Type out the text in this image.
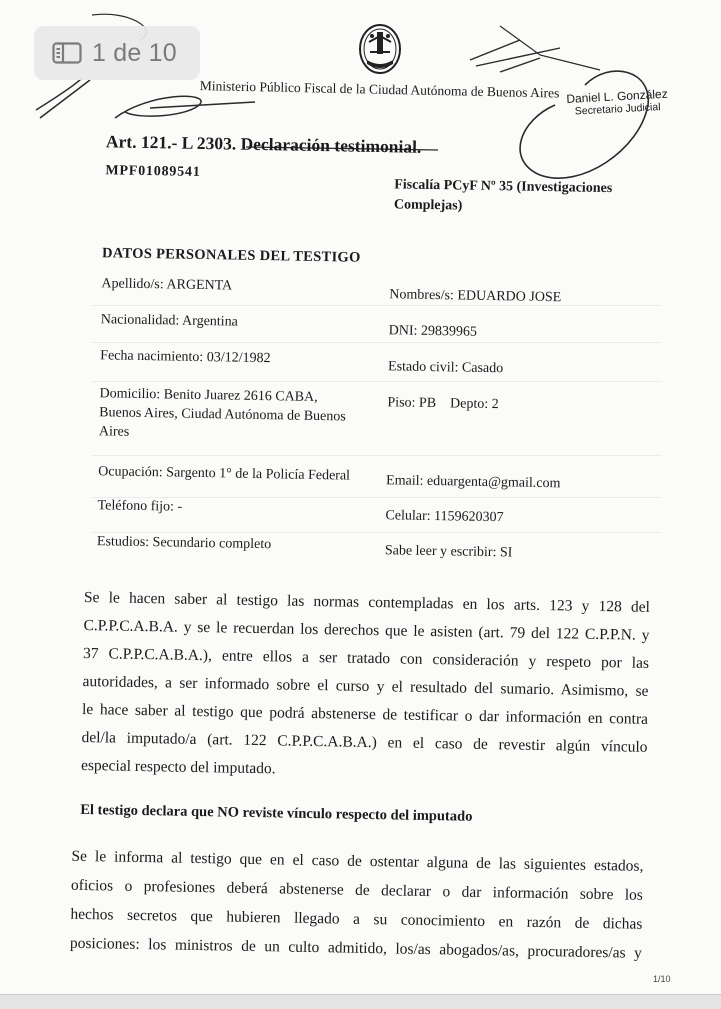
Ministerio Público Fiscal de la Ciudad Autónoma de Buenos Aires Daniel L. González
Secretario Judicial
Art. 121.- L 2303. Declaración testimonial.
MPF01089541
Fiscalía PCyF Nº 35 (Investigaciones Complejas)
DATOS PERSONALES DEL TESTIGO
Apellido/s: ARGENTA
Nacionalidad: Argentina
Fecha nacimiento: 03/12/1982
Domicilio: Benito Juarez 2616 CABA,
Buenos Aires, Ciudad Autónoma de Buenos
Aires
Ocupación: Sargento 1° de la Policía Federal
Teléfono fijo: -
Estudios: Secundario completo
Nombres/s: EDUARDO JOSE
DNI: 29839965
Estado civil: Casado
Piso: PB Depto: 2
Email: eduargenta@gmail.com
Celular: 1159620307
Sabe leer y escribir: SI
Se le hacen saber al testigo las normas contempladas en los arts. 123 y 128 del
C.P.P.C.A.B.A. y se le recuerdan los derechos que le asisten (art. 79 del 122 C.P.P.N. y
37 C.P.P.C.A.B.A.), entre ellos a ser tratado con consideración y respeto por las
autoridades, a ser informado sobre el curso y el resultado del sumario. Asimismo, se
le hace saber al testigo que podrá abstenerse de testificar o dar información en contra
del/la imputado/a (art. 122 C.P.P.C.A.B.A.) en el caso de revestir algún vínculo
especial respecto del imputado.
El testigo declara que NO reviste vínculo respecto del imputado
Se le informa al testigo que en el caso de ostentar alguna de las siguientes estados,
oficios o profesiones deberá abstenerse de declarar o dar información sobre los
hechos secretos que hubieren llegado a su conocimiento en razón de dichas
posiciones: los ministros de un culto admitido, los/as abogados/as, procuradores/as y
1/10
1 de 10
